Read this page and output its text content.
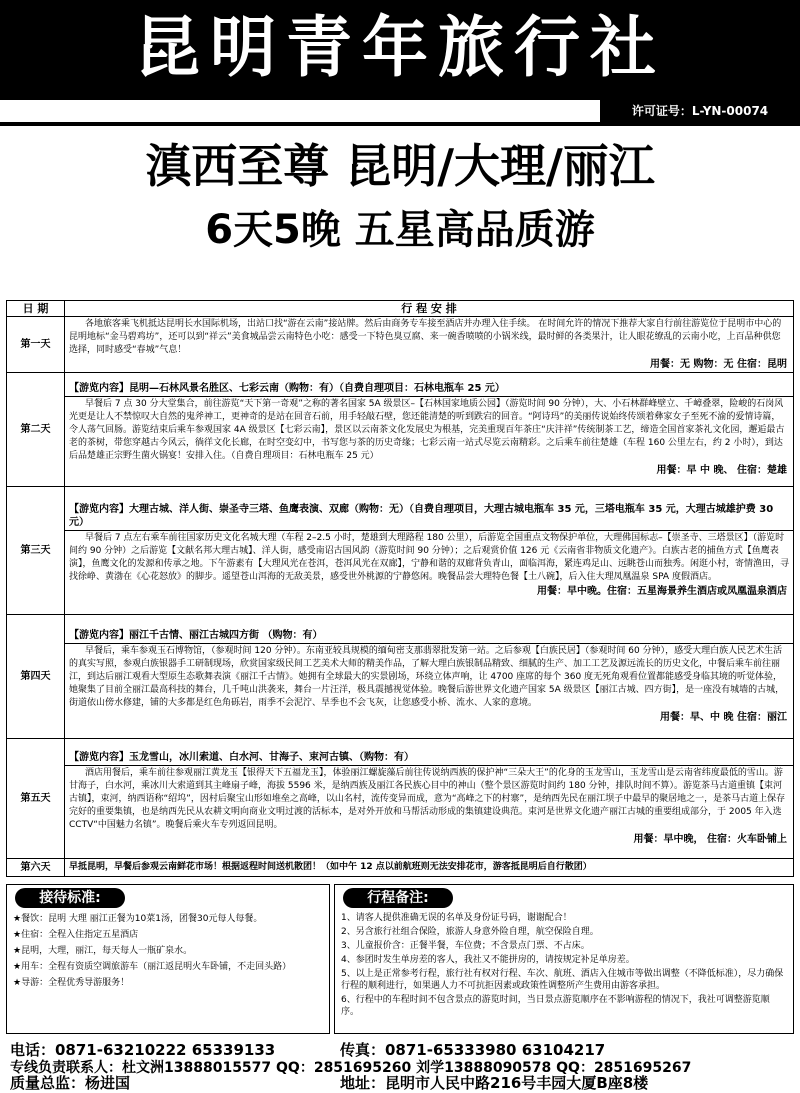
昆明青年旅行社
许可证号：L-YN-00074
滇西至尊 昆明/大理/丽江
6天5晚 五星高品质游
日 期	行 程 安 排
第一天	各地旅客乘飞机抵达昆明长水国际机场，出站口找“游在云南”接站牌。然后由商务专车接至酒店并办理入住手续。 在时间允许的情况下推荐大家自行前往游览位于昆明市中心的昆明地标“金马碧鸡坊”，还可以到“祥云”美食城品尝云南特色小吃：感受一下特色臭豆腐、来一碗香喷喷的小锅米线，最时鲜的各类果汁，让人眼花缭乱的云南小吃，上百品种供您选择，同时感受“春城”气息！
用餐：无 购物：无 住宿：昆明

第二天	【游览内容】昆明—石林风景名胜区、七彩云南（购物：有）（自费自理项目：石林电瓶车 25 元）
早餐后 7 点 30 分大堂集合，前往游览“天下第一奇观”之称的著名国家 5A 级景区–【石林国家地质公园】（游览时间 90 分钟），大、小石林群峰壁立、千嶂叠翠，险峻的石岗风光更是让人不禁惊叹大自然的鬼斧神工，更神奇的是站在回音石前，用手轻敲石壁，您还能清楚的听到跌宕的回音。“阿诗玛”的美丽传说始终传颂着彝家女子至死不渝的爱情诗篇，令人荡气回肠。游览结束后乘车参观国家 4A 级景区【七彩云南】，景区以云南茶文化发展史为根基，完美重现百年茶庄“庆沣祥”传统制茶工艺，缔造全国首家茶礼文化园，邂逅最古老的茶树，带您穿越古今风云，徜徉文化长廊，在时空变幻中，书写您与茶的历史奇缘；七彩云南一站式尽览云南精彩。之后乘车前往楚雄（车程 160 公里左右，约 2 小时），到达后品楚雄正宗野生菌火锅宴！安排入住。（自费自理项目：石林电瓶车 25 元）
用餐：早 中 晚、 住宿：楚雄

第三天	【游览内容】大理古城、洋人街、崇圣寺三塔、鱼鹰表演、双廊（购物：无）（自费自理项目，大理古城电瓶车 35 元，三塔电瓶车 35 元，大理古城雄护费 30 元）
早餐后 7 点左右乘车前往国家历史文化名城大理（车程 2–2.5 小时，楚雄到大理路程 180 公里），后游览全国重点文物保护单位，大理佛国标志–【崇圣寺、三塔景区】（游览时间约 90 分钟）之后游览【文献名邦大理古城】、洋人街，感受南诏古国风韵（游览时间 90 分钟）；之后观赏价值 126 元《云南省非物质文化遗产》。白族古老的捕鱼方式【鱼鹰表演】，鱼鹰文化的发源和传承之地。下午游素有【大理风光在苍洱，苍洱风光在双廊】，宁静和谐的双廊背负青山，面临洱海，紧连鸡足山、远眺苍山而独秀。闲逛小村，寄情渔田，寻找徐峥、黄渤在《心花怒放》的脚步。遥望苍山洱海的无敌美景，感受世外桃源的宁静悠闲。晚餐品尝大理特色餐【土八碗】，后入住大理凤凰温泉 SPA 度假酒店。
用餐：早中晚。住宿：五星海景养生酒店或凤凰温泉酒店

第四天	【游览内容】丽江千古情、丽江古城四方街 （购物：有）
早餐后，乘车参观玉石博物馆，（参观时间 120 分钟）。东南亚较具规模的缅甸密支那翡翠批发第一站。之后参观【白族民居】（参观时间 60 分钟），感受大理白族人民艺术生活的真实写照，参观白族银器手工研制现场，欣赏国家级民间工艺美术大师的精美作品，了解大理白族银制品精致、细腻的生产、加工工艺及源远流长的历史文化，中餐后乘车前往丽江，到达后丽江观看大型原生态歌舞表演《丽江千古情》。她拥有全球最大的实景剧场，环绕立体声响，让 4700 座席的每个 360 度无死角观看位置都能感受身临其境的听觉体验，她聚集了目前全丽江最高科技的舞台，几千吨山洪袭来，舞台一片汪洋，极具震撼视觉体验。晚餐后游世界文化遗产国家 5A 级景区【丽江古城、四方街】，是一座没有城墙的古城，街道依山傍水修建，铺的大多都是红色角砾岩，雨季不会泥泞、旱季也不会飞灰，让您感受小桥、流水、人家的意境。
用餐：早、中 晚 住宿：丽江

第五天	【游览内容】玉龙雪山，冰川索道、白水河、甘海子、束河古镇、（购物：有）
酒店用餐后，乘车前往参观丽江黄龙玉【银得天下五福龙玉】，体验丽江螺旋藻后前往传说纳西族的保护神“三朵大王”的化身的玉龙雪山，玉龙雪山是云南省纬度最低的雪山。游甘海子，白水河，乘冰川大索道到其主峰扇子峰，海拔 5596 米，是纳西族及丽江各民族心目中的神山（整个景区游览时间约 180 分钟，排队时间不算）。游览茶马古道重镇【束河古镇】，束河，纳西语称“绍坞”，因村后聚宝山形如堆垒之高峰，以山名村，流传变异而成，意为“高峰之下的村寨”，是纳西先民在丽江坝子中最早的聚居地之一，是茶马古道上保存完好的重要集镇，也是纳西先民从农耕文明向商业文明过渡的活标本，是对外开放和马帮活动形成的集镇建设典范。束河是世界文化遗产丽江古城的重要组成部分，于 2005 年入选 CCTV“中国魅力名镇”。晚餐后乘火车专列返回昆明。
用餐：早中晚， 住宿：火车卧铺上

第六天	早抵昆明，早餐后参观云南鲜花市场！根据返程时间送机散团！（如中午 12 点以前航班则无法安排花市，游客抵昆明后自行散团）
接待标准:
★餐饮：昆明 大理 丽江正餐为10菜1汤，团餐30元每人每餐。
★住宿：全程入住指定五星酒店
★昆明，大理，丽江，每天每人一瓶矿泉水。
★用车：全程有资质空调旅游车（丽江返昆明火车卧铺，不走回头路）
★导游：全程优秀导游服务！
行程备注:
1、请客人提供准确无误的名单及身份证号码，谢谢配合！
2、另含旅行社组合保险，旅游人身意外险自理，航空保险自理。
3、儿童报价含：正餐半餐，车位费；不含景点门票、不占床。
4、参团时发生单房差的客人，我社又不能拼房的，请按规定补足单房差。
5、以上是正常参考行程，旅行社有权对行程、车次、航班、酒店入住城市等做出调整（不降低标准），尽力确保行程的顺利进行，如果遇人力不可抗拒因素或政策性调整所产生费用由游客承担。
6、行程中的车程时间不包含景点的游览时间，当日景点游览顺序在不影响游程的情况下，我社可调整游览顺序。
电话：0871-63210222 65339133	传真：0871-65333980 63104217
专线负责联系人：杜文洲13888015577 QQ：2851695260 刘学13888090578 QQ：2851695267
质量总监：杨进国	地址：昆明市人民中路216号丰园大厦B座8楼
